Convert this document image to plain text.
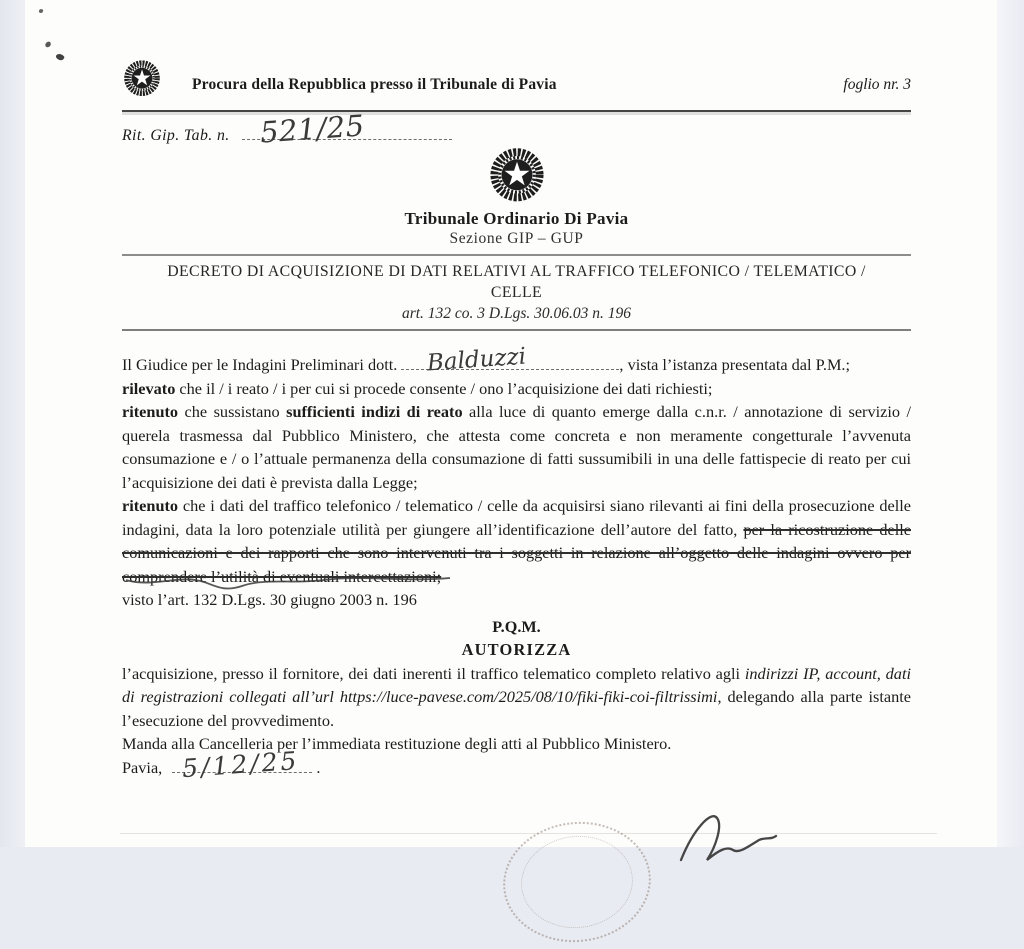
Procura della Repubblica presso il Tribunale di Pavia	foglio nr. 3
Rit. Gip. Tab. n. 521/25
Tribunale Ordinario Di Pavia
Sezione GIP – GUP
DECRETO DI ACQUISIZIONE DI DATI RELATIVI AL TRAFFICO TELEFONICO / TELEMATICO / CELLE
art. 132 co. 3 D.Lgs. 30.06.03 n. 196

Il Giudice per le Indagini Preliminari dott. Balduzzi	, vista l’istanza presentata dal P.M.;

rilevato che il / i reato / i per cui si procede consente / ono l’acquisizione dei dati richiesti;

ritenuto che sussistano sufficienti indizi di reato alla luce di quanto emerge dalla c.n.r. / annotazione di servizio / querela trasmessa dal Pubblico Ministero, che attesta come concreta e non meramente congetturale l’avvenuta consumazione e / o l’attuale permanenza della consumazione di fatti sussumibili in una delle fattispecie di reato per cui l’acquisizione dei dati è prevista dalla Legge;

ritenuto che i dati del traffico telefonico / telematico / celle da acquisirsi siano rilevanti ai fini della prosecuzione delle indagini, data la loro potenziale utilità per giungere all’identificazione dell’autore del fatto, per la ricostruzione delle comunicazioni e dei rapporti che sono intervenuti tra i soggetti in relazione all’oggetto delle indagini ovvero per comprendere l’utilità di eventuali intercettazioni;

visto l’art. 132 D.Lgs. 30 giugno 2003 n. 196

P.Q.M.
AUTORIZZA

l’acquisizione, presso il fornitore, dei dati inerenti il traffico telematico completo relativo agli indirizzi IP, account, dati di registrazioni collegati all’url https://luce-pavese.com/2025/08/10/fiki-fiki-coi-filtrissimi, delegando alla parte istante l’esecuzione del provvedimento.

Manda alla Cancelleria per l’immediata restituzione degli atti al Pubblico Ministero.

Pavia, 5/12/25 .
